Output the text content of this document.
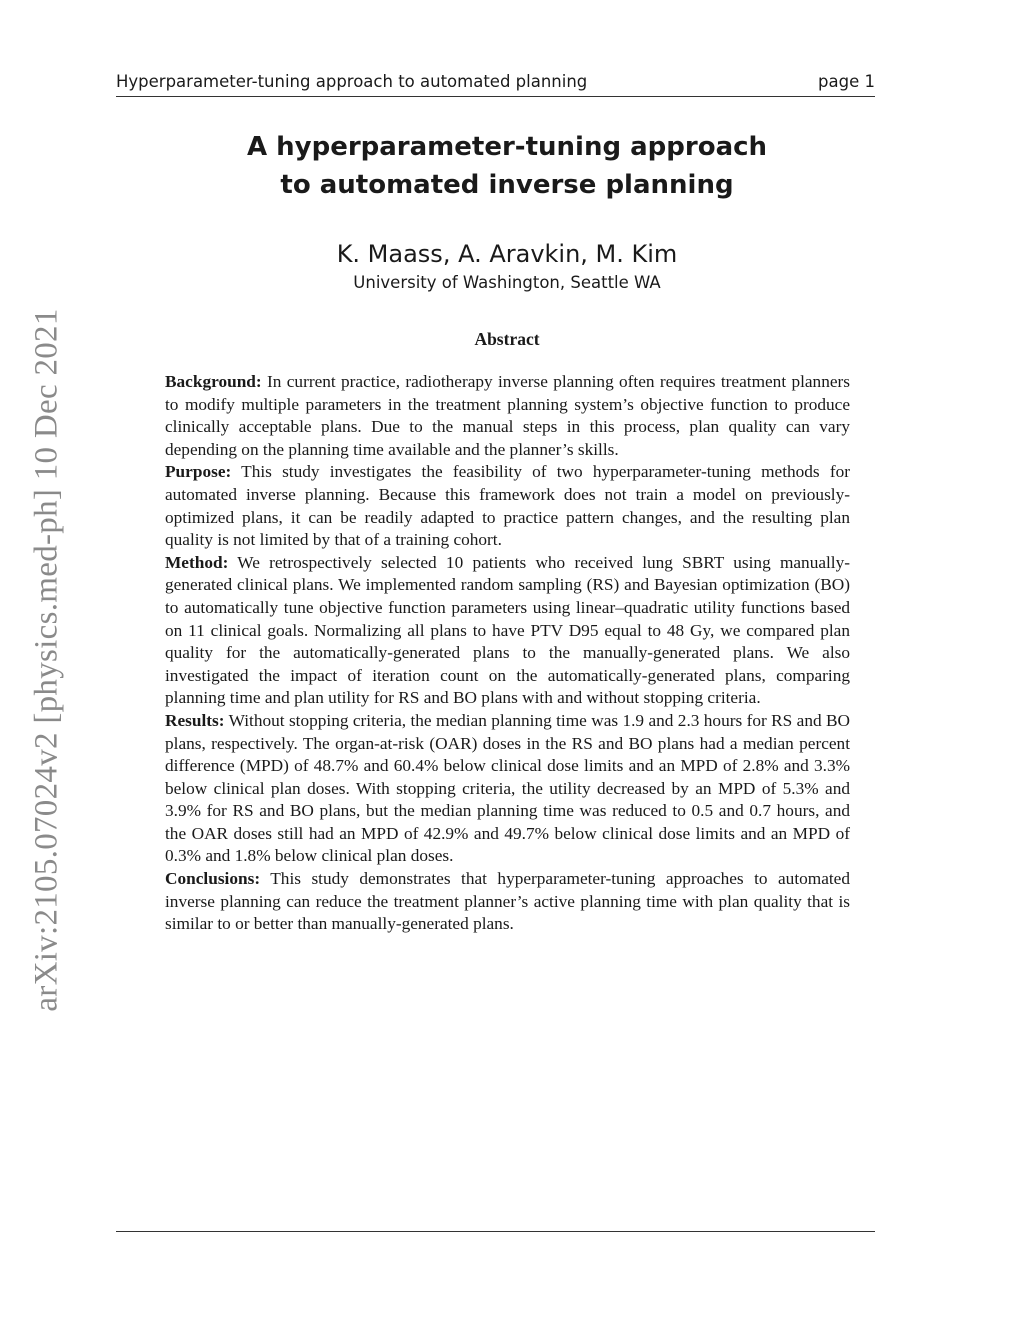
Hyperparameter-tuning approach to automated planning	page 1
arXiv:2105.07024v2 [physics.med-ph] 10 Dec 2021
A hyperparameter-tuning approach
to automated inverse planning
K. Maass, A. Aravkin, M. Kim
University of Washington, Seattle WA
Abstract

Background: In current practice, radiotherapy inverse planning often requires treatment planners to modify multiple parameters in the treatment planning system’s objective function to produce clinically acceptable plans. Due to the manual steps in this process, plan quality can vary depending on the planning time available and the planner’s skills.

Purpose: This study investigates the feasibility of two hyperparameter-tuning methods for automated inverse planning. Because this framework does not train a model on previously-optimized plans, it can be readily adapted to practice pattern changes, and the resulting plan quality is not limited by that of a training cohort.

Method: We retrospectively selected 10 patients who received lung SBRT using manually-generated clinical plans. We implemented random sampling (RS) and Bayesian optimization (BO) to automatically tune objective function parameters using linear–quadratic utility functions based on 11 clinical goals. Normalizing all plans to have PTV D95 equal to 48 Gy, we compared plan quality for the automatically-generated plans to the manually-generated plans. We also investigated the impact of iteration count on the automatically-generated plans, comparing planning time and plan utility for RS and BO plans with and without stopping criteria.

Results: Without stopping criteria, the median planning time was 1.9 and 2.3 hours for RS and BO plans, respectively. The organ-at-risk (OAR) doses in the RS and BO plans had a median percent difference (MPD) of 48.7% and 60.4% below clinical dose limits and an MPD of 2.8% and 3.3% below clinical plan doses. With stopping criteria, the utility decreased by an MPD of 5.3% and 3.9% for RS and BO plans, but the median planning time was reduced to 0.5 and 0.7 hours, and the OAR doses still had an MPD of 42.9% and 49.7% below clinical dose limits and an MPD of 0.3% and 1.8% below clinical plan doses.

Conclusions: This study demonstrates that hyperparameter-tuning approaches to automated inverse planning can reduce the treatment planner’s active planning time with plan quality that is similar to or better than manually-generated plans.
